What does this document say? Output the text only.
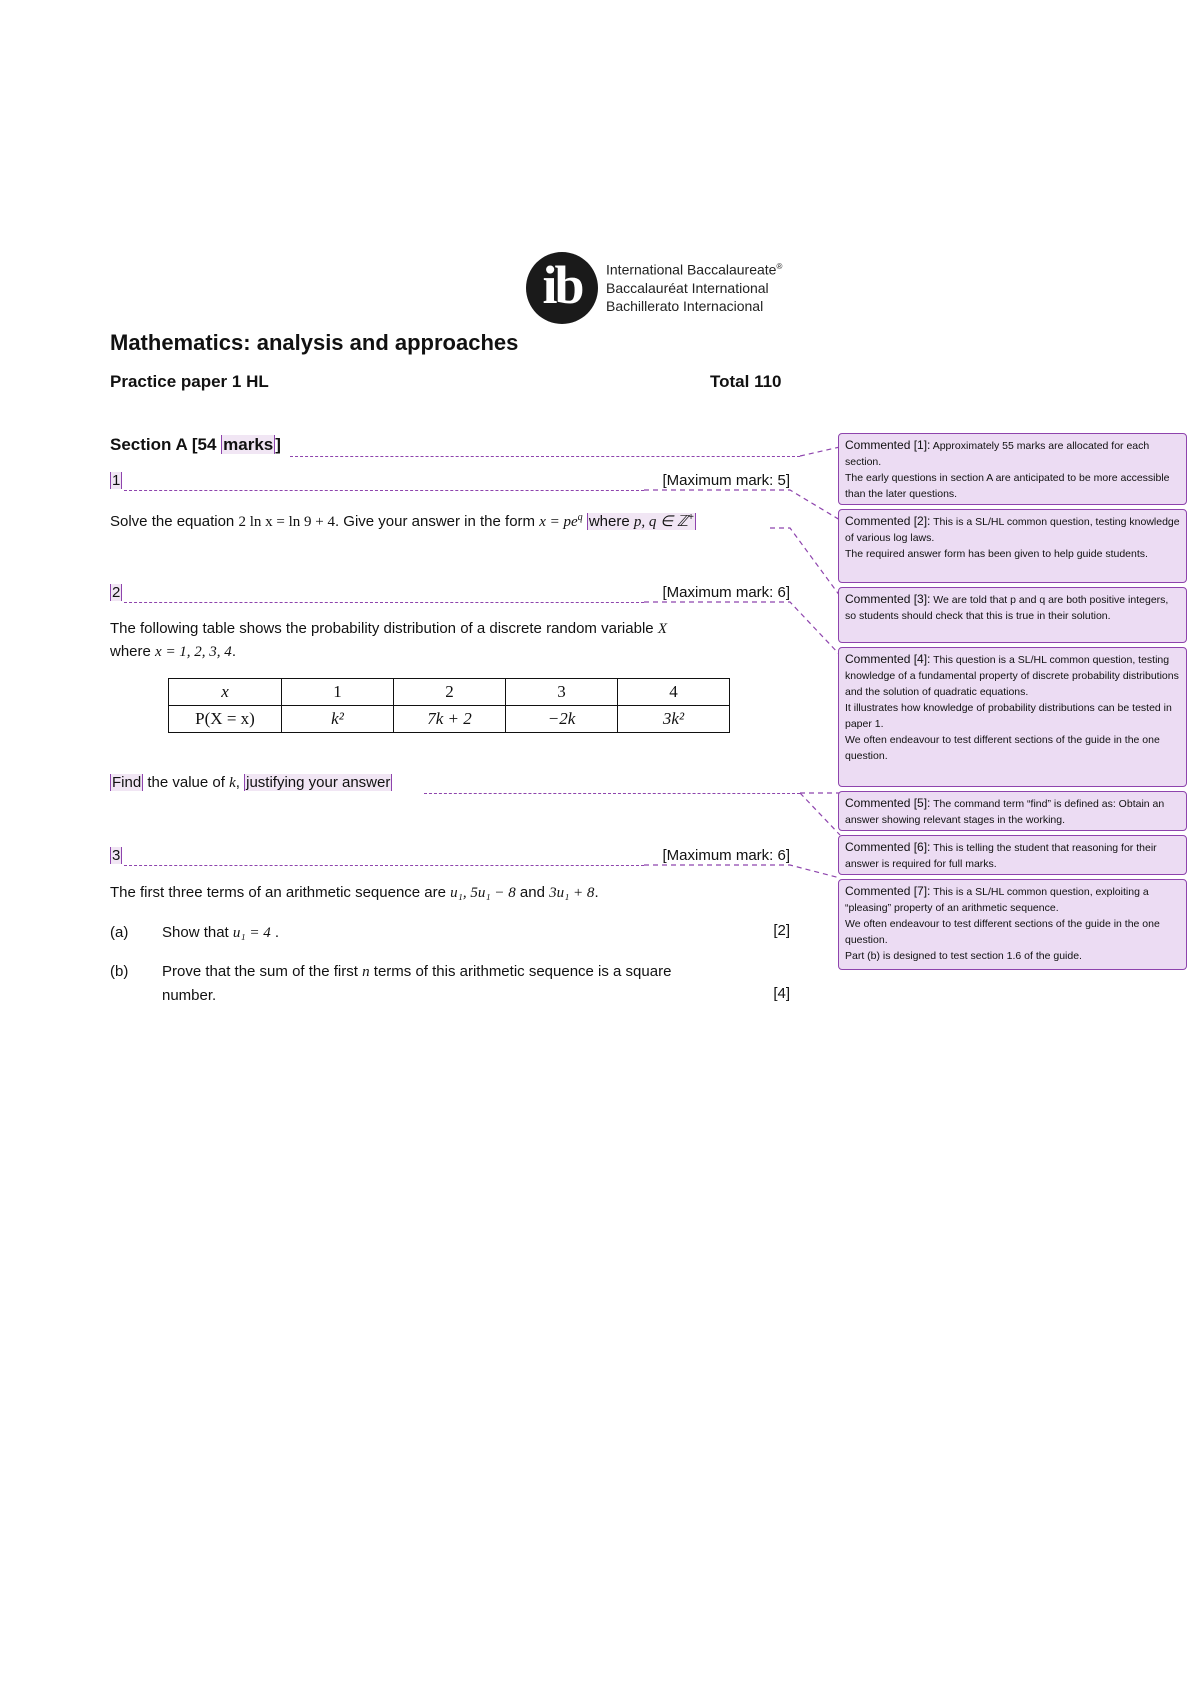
ib	International Baccalaureate®
Baccalauréat International
Bachillerato Internacional
Mathematics: analysis and approaches
Practice paper 1 HL	Total 110
Section A [54 marks ]
1	[Maximum mark: 5]
Solve the equation 2 ln x = ln 9 + 4. Give your answer in the form $x = pe^q$ where p, q ∈ ℤ+
2	[Maximum mark: 6]
The following table shows the probability distribution of a discrete random variable X
where x = 1, 2, 3, 4.
x	1	2	3	4
P(X = x)	k²	7k + 2	−2k	3k²
Find the value of k, justifying your answer
3	[Maximum mark: 6]
The first three terms of an arithmetic sequence are u₁, 5u₁ − 8 and 3u₁ + 8.
(a) Show that u₁ = 4 .	[2]
(b) Prove that the sum of the first n terms of this arithmetic sequence is a square
number.	[4]

Commented [1]: Approximately 55 marks are allocated for each section.

The early questions in section A are anticipated to be more accessible than the later questions.

Commented [2]: This is a SL/HL common question, testing knowledge of various log laws.

The required answer form has been given to help guide students.

Commented [3]: We are told that p and q are both positive integers, so students should check that this is true in their solution.

Commented [4]: This question is a SL/HL common question, testing knowledge of a fundamental property of discrete probability distributions and the solution of quadratic equations.

It illustrates how knowledge of probability distributions can be tested in paper 1.

We often endeavour to test different sections of the guide in the one question.

Commented [5]: The command term “find” is defined as: Obtain an answer showing relevant stages in the working.

Commented [6]: This is telling the student that reasoning for their answer is required for full marks.

Commented [7]: This is a SL/HL common question, exploiting a “pleasing” property of an arithmetic sequence.

We often endeavour to test different sections of the guide in the one question.

Part (b) is designed to test section 1.6 of the guide.
